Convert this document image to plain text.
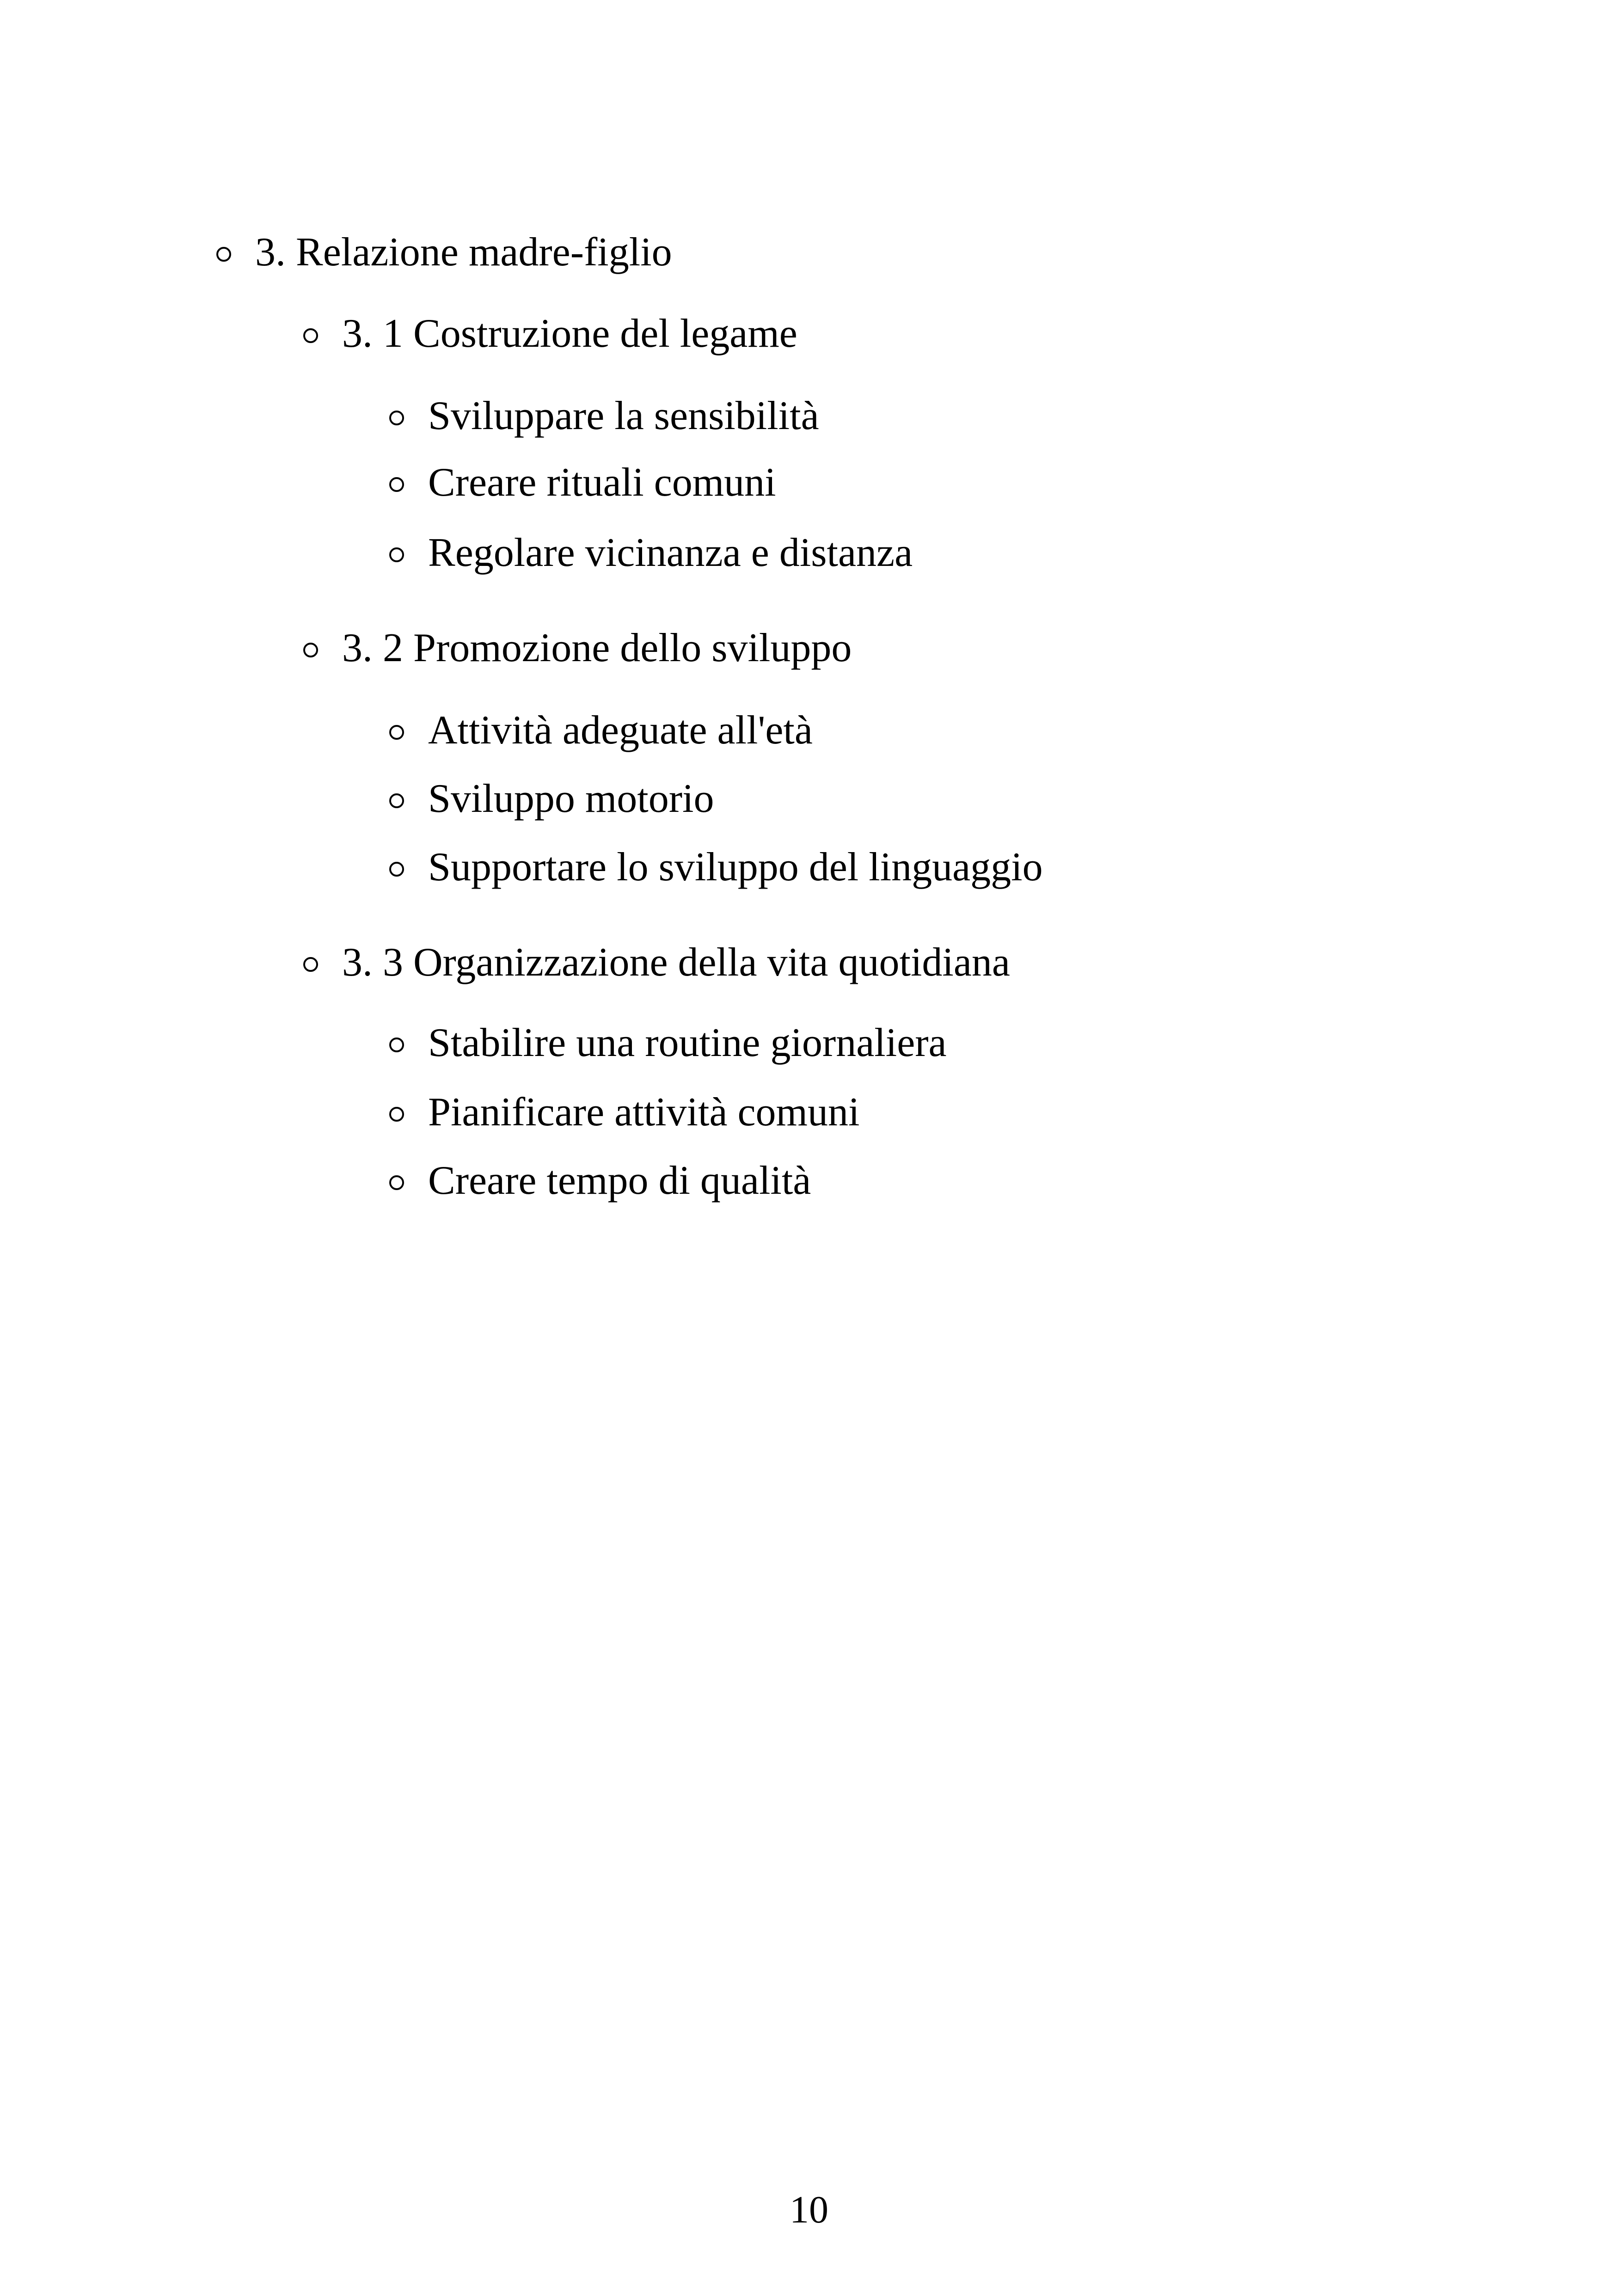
3. Relazione madre-figlio
3. 1 Costruzione del legame
Sviluppare la sensibilità
Creare rituali comuni
Regolare vicinanza e distanza
3. 2 Promozione dello sviluppo
Attività adeguate all'età
Sviluppo motorio
Supportare lo sviluppo del linguaggio
3. 3 Organizzazione della vita quotidiana
Stabilire una routine giornaliera
Pianificare attività comuni
Creare tempo di qualità
10
